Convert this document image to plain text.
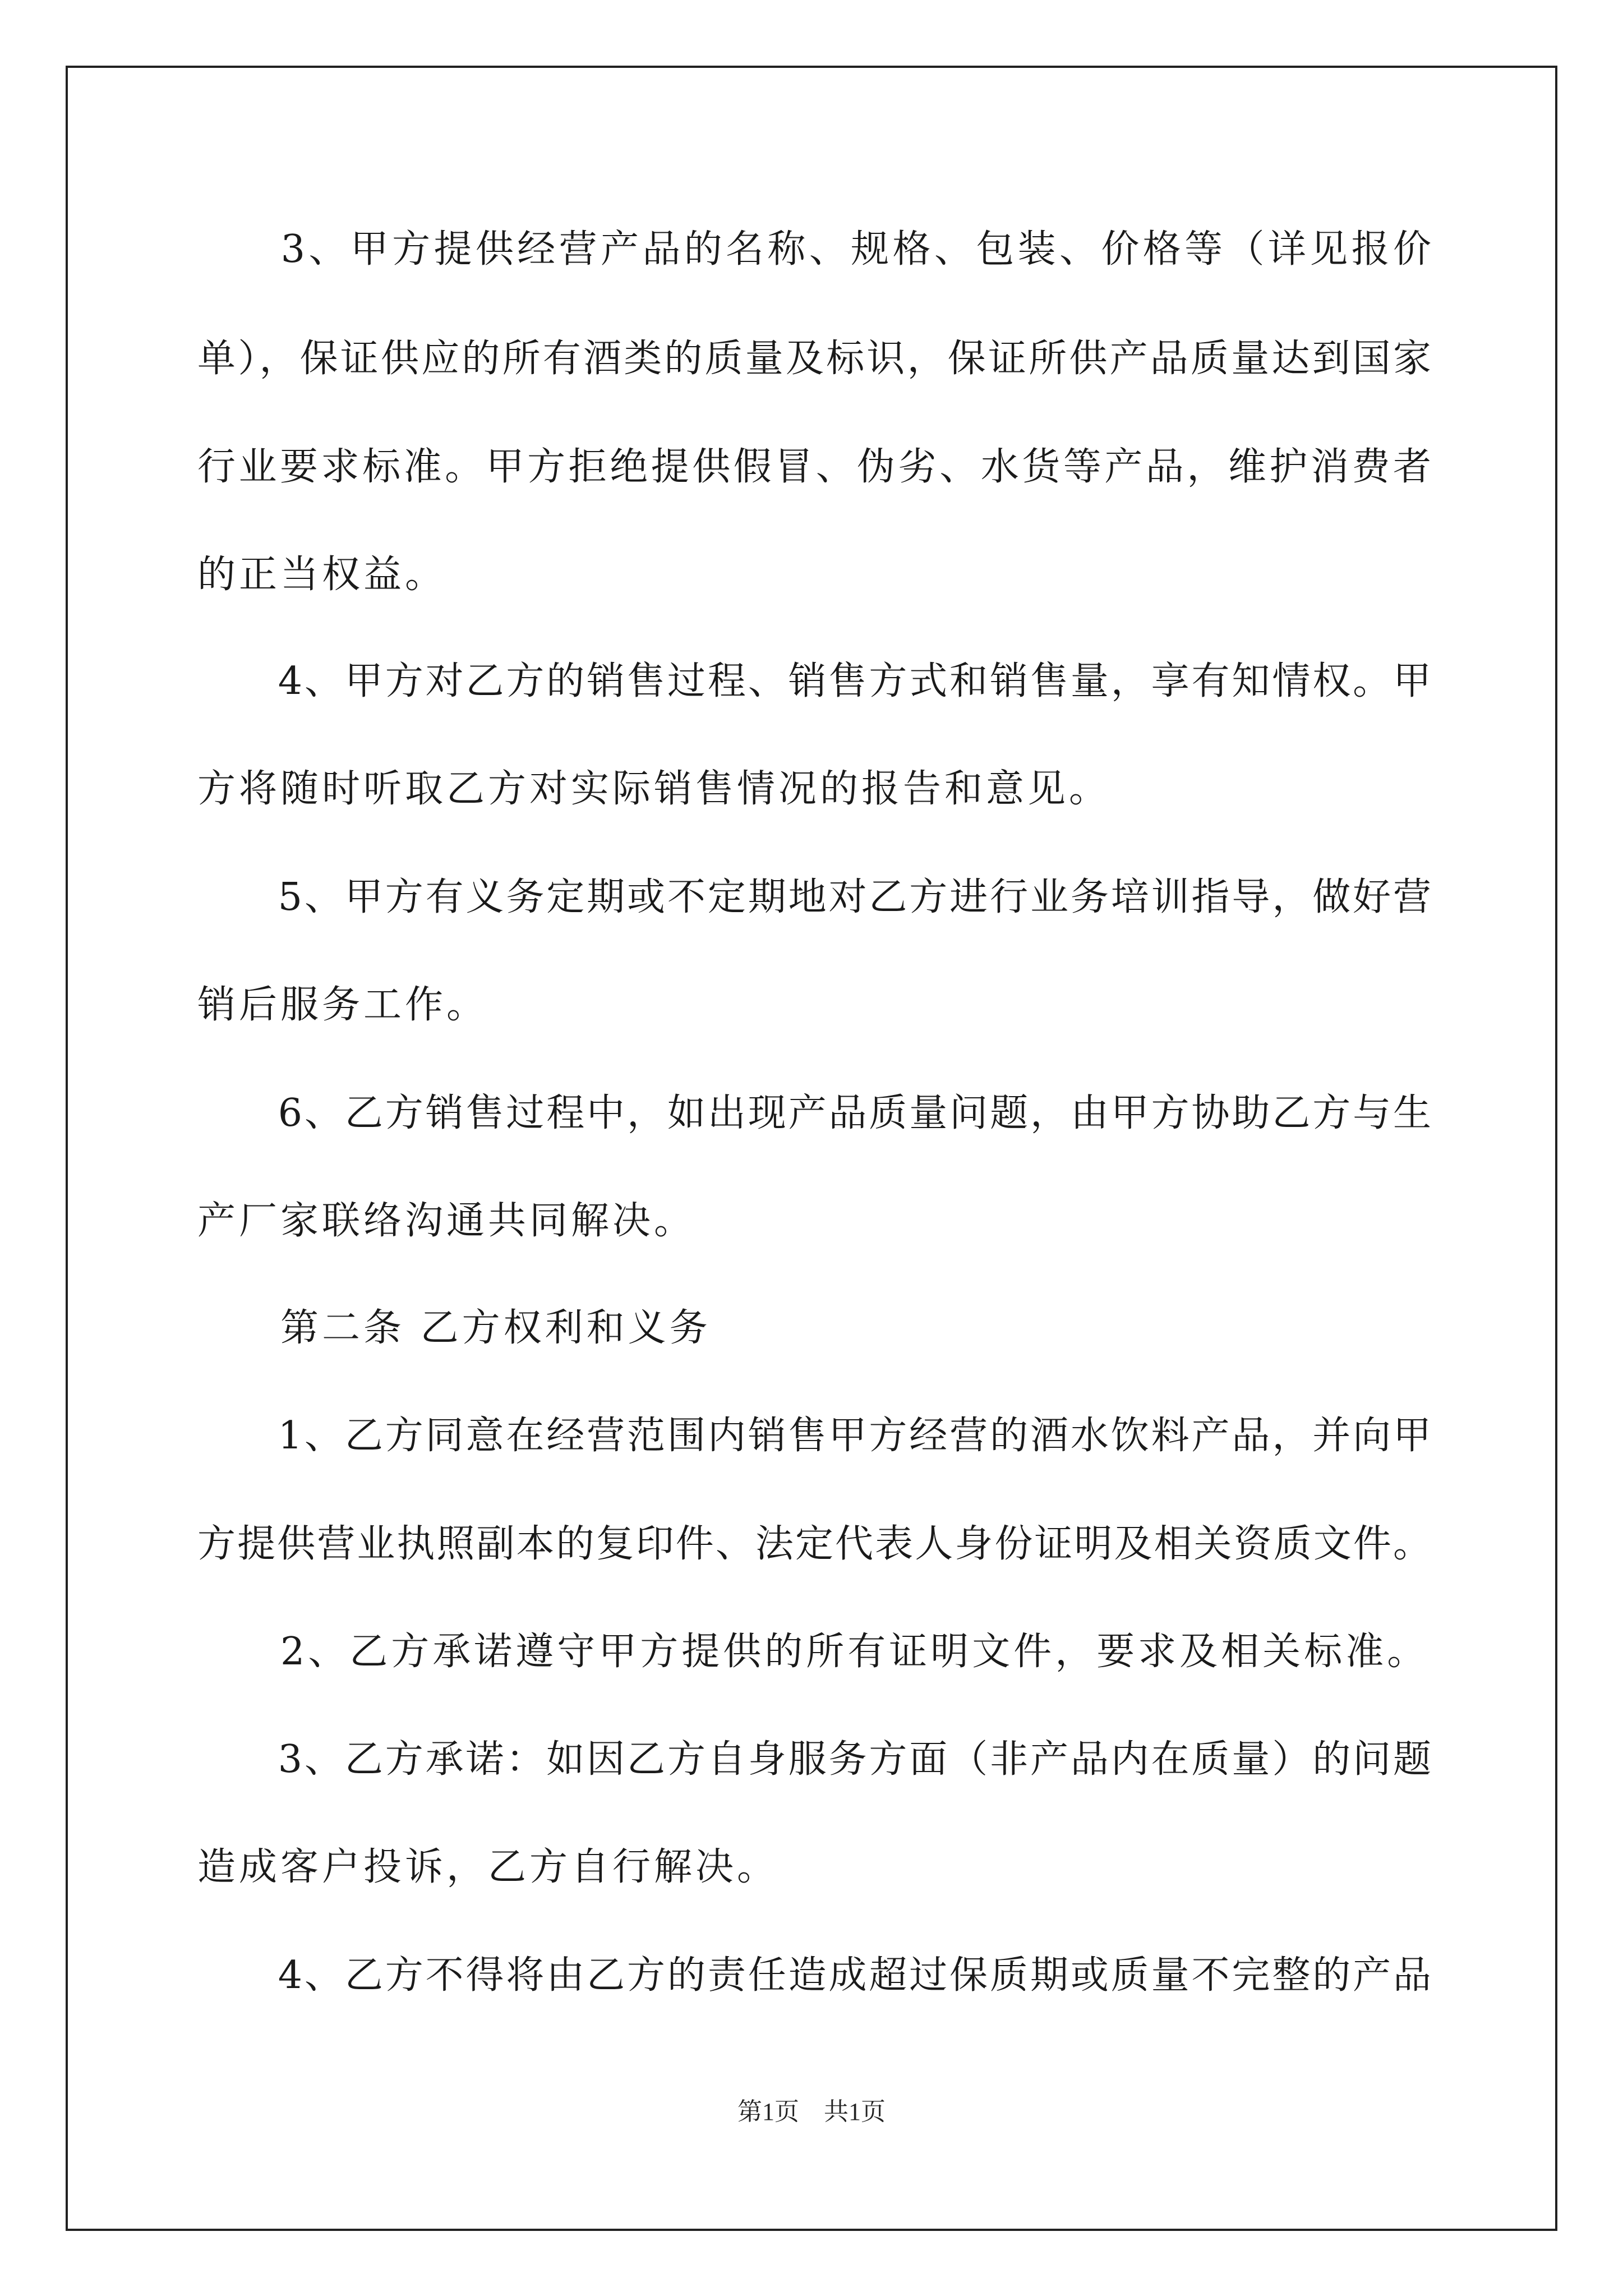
　　3、甲方提供经营产品的名称、规格、包装、价格等（详见报价
单），保证供应的所有酒类的质量及标识，保证所供产品质量达到国家
行业要求标准。甲方拒绝提供假冒、伪劣、水货等产品，维护消费者
的正当权益。
　　4、甲方对乙方的销售过程、销售方式和销售量，享有知情权。甲
方将随时听取乙方对实际销售情况的报告和意见。
　　5、甲方有义务定期或不定期地对乙方进行业务培训指导，做好营
销后服务工作。
　　6、乙方销售过程中，如出现产品质量问题，由甲方协助乙方与生
产厂家联络沟通共同解决。
　　第二条 乙方权利和义务
　　1、乙方同意在经营范围内销售甲方经营的酒水饮料产品，并向甲
方提供营业执照副本的复印件、法定代表人身份证明及相关资质文件。
　　2、乙方承诺遵守甲方提供的所有证明文件，要求及相关标准。
　　3、乙方承诺：如因乙方自身服务方面（非产品内在质量）的问题
造成客户投诉，乙方自行解决。
　　4、乙方不得将由乙方的责任造成超过保质期或质量不完整的产品
第1页　共1页
